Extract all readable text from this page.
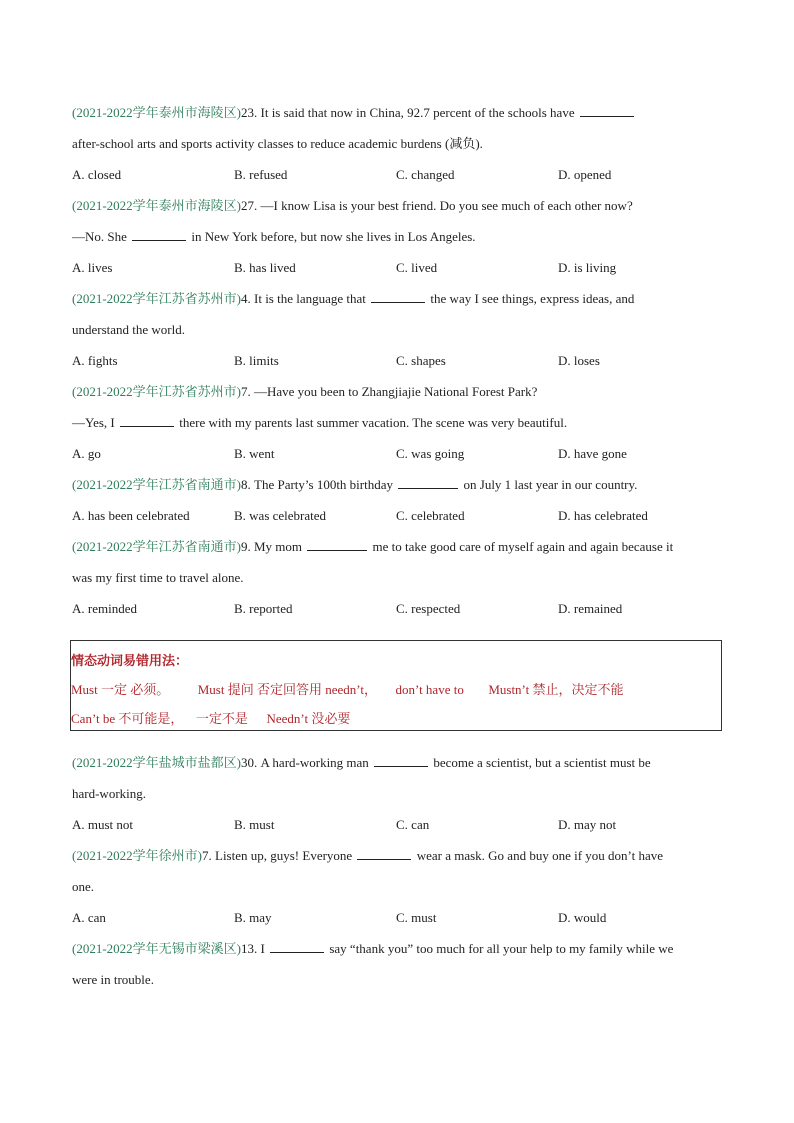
(2021-2022学年泰州市海陵区)23. It is said that now in China, 92.7 percent of the schools have
after-school arts and sports activity classes to reduce academic burdens (减负).
A. closed	B. refused	C. changed	D. opened
(2021-2022学年泰州市海陵区)27. —I know Lisa is your best friend. Do you see much of each other now?
—No. She	in New York before, but now she lives in Los Angeles.
A. lives	B. has lived	C. lived	D. is living
(2021-2022学年江苏省苏州市)4. It is the language that	the way I see things, express ideas, and
understand the world.
A. fights	B. limits	C. shapes	D. loses
(2021-2022学年江苏省苏州市)7. —Have you been to Zhangjiajie National Forest Park?
—Yes, I	there with my parents last summer vacation. The scene was very beautiful.
A. go	B. went	C. was going	D. have gone
(2021-2022学年江苏省南通市)8. The Party’s 100th birthday	on July 1 last year in our country.
A. has been celebrated	B. was celebrated	C. celebrated	D. has celebrated
(2021-2022学年江苏省南通市)9. My mom	me to take good care of myself again and again because it
was my first time to travel alone.
A. reminded	B. reported	C. respected	D. remained
情态动词易错用法：
Must 一定 必须。 Must 提问 否定回答用 needn’t， don’t have to Mustn’t 禁止，决定不能
Can’t be 不可能是， 一定不是 Needn’t 没必要
(2021-2022学年盐城市盐都区)30. A hard-working man	become a scientist, but a scientist must be
hard-working.
A. must not	B. must	C. can	D. may not
(2021-2022学年徐州市)7. Listen up, guys! Everyone	wear a mask. Go and buy one if you don’t have
one.
A. can	B. may	C. must	D. would
(2021-2022学年无锡市梁溪区)13. I	say “thank you” too much for all your help to my family while we
were in trouble.
